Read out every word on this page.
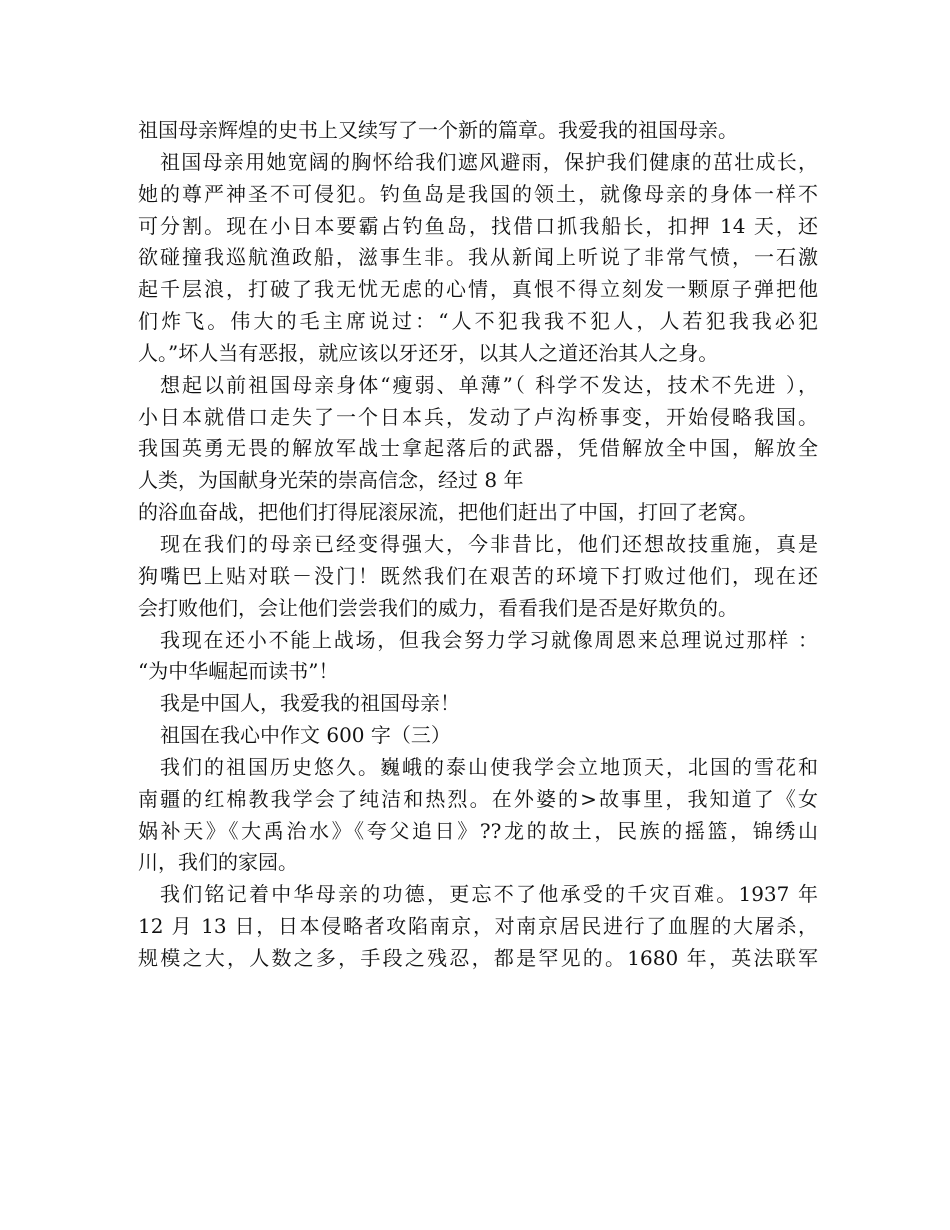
祖国母亲辉煌的史书上又续写了一个新的篇章。我爱我的祖国母亲。
祖国母亲用她宽阔的胸怀给我们遮风避雨，保护我们健康的茁壮成长，
她的尊严神圣不可侵犯。钓鱼岛是我国的领土，就像母亲的身体一样不
可分割。现在小日本要霸占钓鱼岛，找借口抓我船长，扣押 14 天，还
欲碰撞我巡航渔政船，滋事生非。我从新闻上听说了非常气愤，一石激
起千层浪，打破了我无忧无虑的心情，真恨不得立刻发一颗原子弹把他
们炸飞。伟大的毛主席说过：“人不犯我我不犯人，人若犯我我必犯
人。”坏人当有恶报，就应该以牙还牙，以其人之道还治其人之身。
想起以前祖国母亲身体“瘦弱、单薄”（ 科学不发达，技术不先进 ），
小日本就借口走失了一个日本兵，发动了卢沟桥事变，开始侵略我国。
我国英勇无畏的解放军战士拿起落后的武器，凭借解放全中国，解放全
人类，为国献身光荣的崇高信念，经过 8 年
的浴血奋战，把他们打得屁滚尿流，把他们赶出了中国，打回了老窝。
现在我们的母亲已经变得强大，今非昔比，他们还想故技重施，真是
狗嘴巴上贴对联－没门！既然我们在艰苦的环境下打败过他们，现在还
会打败他们，会让他们尝尝我们的威力，看看我们是否是好欺负的。
我现在还小不能上战场，但我会努力学习就像周恩来总理说过那样 ：
“为中华崛起而读书”！
我是中国人，我爱我的祖国母亲！
祖国在我心中作文 600 字（三）
我们的祖国历史悠久。巍峨的泰山使我学会立地顶天，北国的雪花和
南疆的红棉教我学会了纯洁和热烈。在外婆的>故事里，我知道了《女
娲补天》《大禹治水》《夸父追日》??龙的故土，民族的摇篮，锦绣山
川，我们的家园。
我们铭记着中华母亲的功德，更忘不了他承受的千灾百难。1937 年
12 月 13 日，日本侵略者攻陷南京，对南京居民进行了血腥的大屠杀，
规模之大，人数之多，手段之残忍，都是罕见的。1680 年，英法联军
